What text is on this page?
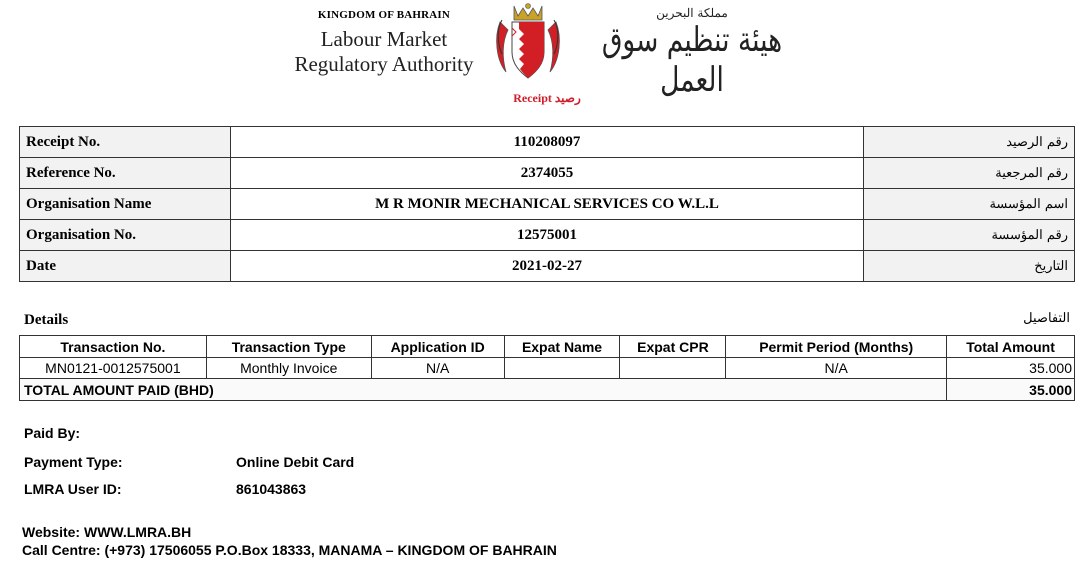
KINGDOM OF BAHRAIN
Labour Market
Regulatory Authority
مملكة البحرين
هيئة تنظيم سوق العمل
Receipt رصيد
Receipt No.	110208097	رقم الرصيد
Reference No.	2374055	رقم المرجعية
Organisation Name	M R MONIR MECHANICAL SERVICES CO W.L.L	اسم المؤسسة
Organisation No.	12575001	رقم المؤسسة
Date	2021-02-27	التاريخ
Details	التفاصيل
Transaction No.	Transaction Type	Application ID	Expat Name	Expat CPR	Permit Period (Months)	Total Amount
MN0121-0012575001	Monthly Invoice	N/A			N/A	35.000
TOTAL AMOUNT PAID (BHD)						35.000
Paid By:
Payment Type:	Online Debit Card
LMRA User ID:	861043863
Website: WWW.LMRA.BH
Call Centre: (+973) 17506055 P.O.Box 18333, MANAMA – KINGDOM OF BAHRAIN
